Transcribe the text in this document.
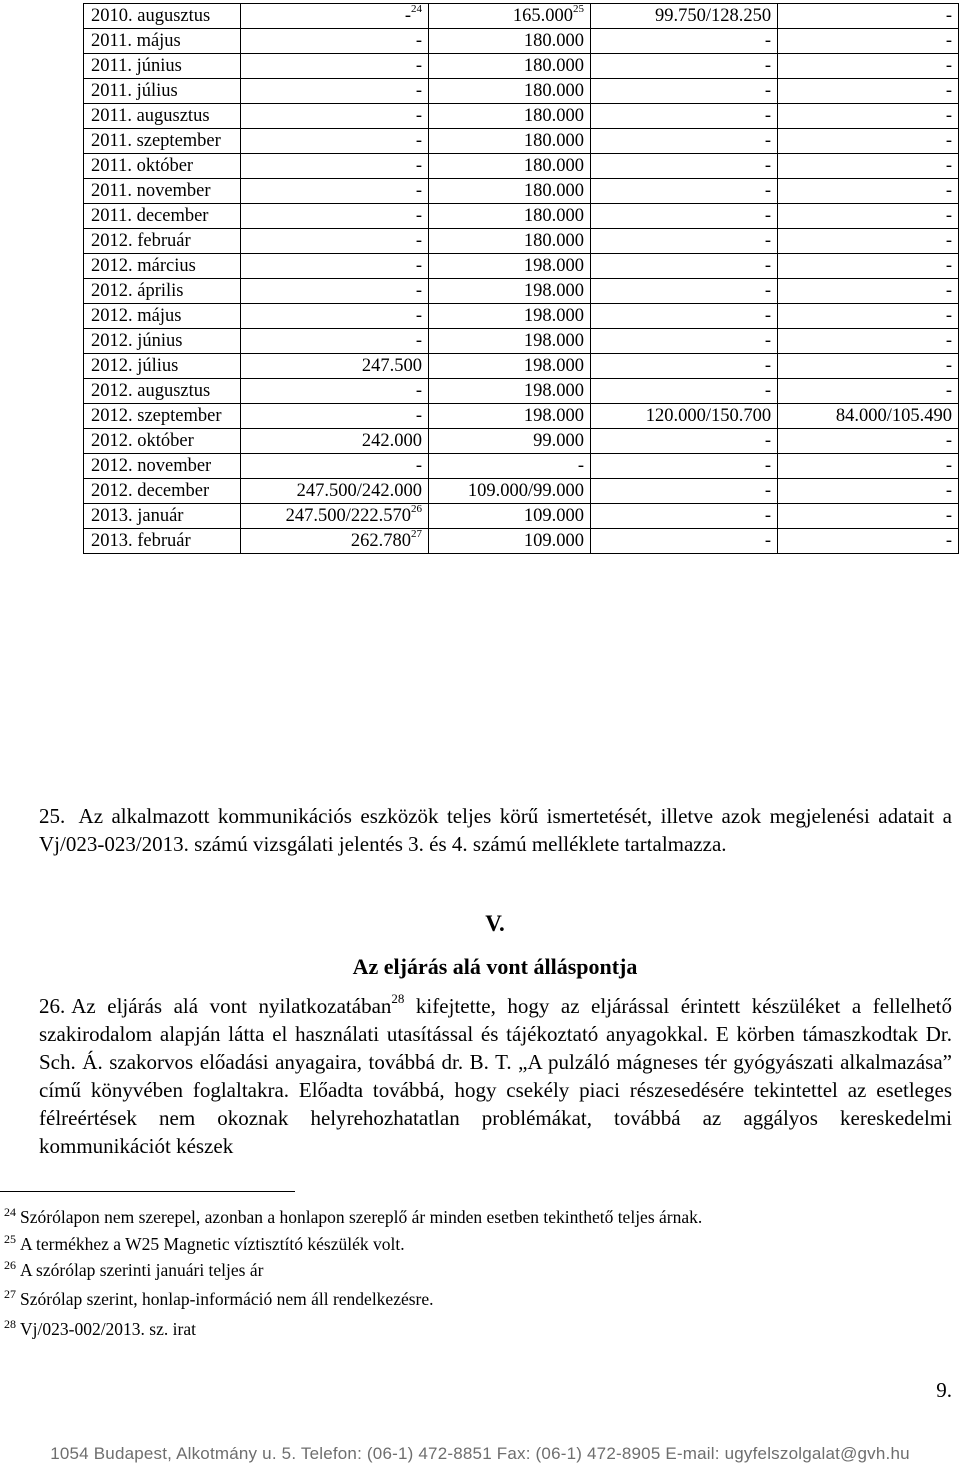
2010. augusztus	-$^{24}$	165.000$^{25}$	99.750/128.250	-
2011. május	-	180.000	-	-
2011. június	-	180.000	-	-
2011. július	-	180.000	-	-
2011. augusztus	-	180.000	-	-
2011. szeptember	-	180.000	-	-
2011. október	-	180.000	-	-
2011. november	-	180.000	-	-
2011. december	-	180.000	-	-
2012. február	-	180.000	-	-
2012. március	-	198.000	-	-
2012. április	-	198.000	-	-
2012. május	-	198.000	-	-
2012. június	-	198.000	-	-
2012. július	247.500	198.000	-	-
2012. augusztus	-	198.000	-	-
2012. szeptember	-	198.000	120.000/150.700	84.000/105.490
2012. október	242.000	99.000	-	-
2012. november	-	-	-	-
2012. december	247.500/242.000	109.000/99.000	-	-
2013. január	247.500/222.570$^{26}$	109.000	-	-
2013. február	262.780$^{27}$	109.000	-	-
25. Az alkalmazott kommunikációs eszközök teljes körű ismertetését, illetve azok megjelenési adatait a Vj/023-023/2013. számú vizsgálati jelentés 3. és 4. számú melléklete tartalmazza.
V.
Az eljárás alá vont álláspontja
26. Az eljárás alá vont nyilatkozatában$^{28}$ kifejtette, hogy az eljárással érintett készüléket a fellelhető szakirodalom alapján látta el használati utasítással és tájékoztató anyagokkal. E körben támaszkodtak Dr. Sch. Á. szakorvos előadási anyagaira, továbbá dr. B. T. „A pulzáló mágneses tér gyógyászati alkalmazása” című könyvében foglaltakra. Előadta továbbá, hogy csekély piaci részesedésére tekintettel az esetleges félreértések nem okoznak helyrehozhatatlan problémákat, továbbá az aggályos kereskedelmi kommunikációt készek
$^{24}$ Szórólapon nem szerepel, azonban a honlapon szereplő ár minden esetben tekinthető teljes árnak.
$^{25}$ A termékhez a W25 Magnetic víztisztító készülék volt.
$^{26}$ A szórólap szerinti januári teljes ár
$^{27}$ Szórólap szerint, honlap-információ nem áll rendelkezésre.
$^{28}$ Vj/023-002/2013. sz. irat
9.
1054 Budapest, Alkotmány u. 5. Telefon: (06-1) 472-8851 Fax: (06-1) 472-8905 E-mail: ugyfelszolgalat@gvh.hu
